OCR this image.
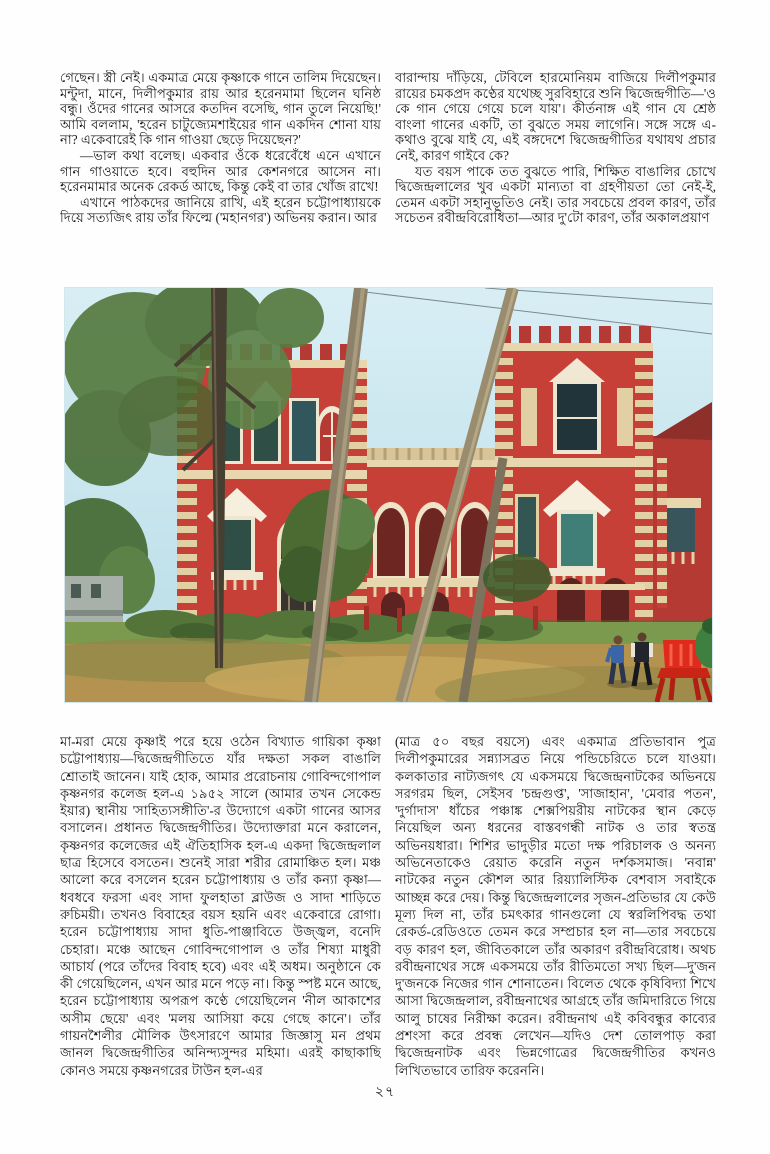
গেছেন। স্ত্রী নেই। একমাত্র মেয়ে কৃষ্ণাকে গানে তালিম দিয়েছেন। মন্টুদা, মানে, দিলীপকুমার রায় আর হরেনমামা ছিলেন ঘনিষ্ঠ বন্ধু। ওঁদের গানের আসরে কতদিন বসেছি, গান তুলে নিয়েছি!' আমি বললাম, 'হরেন চাটুজ্যেমশাইয়ের গান একদিন শোনা যায় না? একেবারেই কি গান গাওয়া ছেড়ে দিয়েছেন?'

—ভাল কথা বলেছ। একবার ওঁকে ধরেবেঁধে এনে এখানে গান গাওয়াতে হবে। বহুদিন আর কেশনগরে আসেন না। হরেনমামার অনেক রেকর্ড আছে, কিন্তু কেই বা তার খোঁজ রাখে!

এখানে পাঠকদের জানিয়ে রাখি, এই হরেন চট্টোপাধ্যায়কে দিয়ে সত্যজিৎ রায় তাঁর ফিল্মে ('মহানগর') অভিনয় করান। আর

বারান্দায় দাঁড়িয়ে, টেবিলে হারমোনিয়ম বাজিয়ে দিলীপকুমার রায়ের চমকপ্রদ কণ্ঠের যথেচ্ছ সুরবিহারে শুনি দ্বিজেন্দ্রগীতি—'ও কে গান গেয়ে গেয়ে চলে যায়'। কীর্তনাঙ্গ এই গান যে শ্রেষ্ঠ বাংলা গানের একটি, তা বুঝতে সময় লাগেনি। সঙ্গে সঙ্গে এ-কথাও বুঝে যাই যে, এই বঙ্গদেশে দ্বিজেন্দ্রগীতির যথাযথ প্রচার নেই, কারণ গাইবে কে?

যত বয়স পাকে তত বুঝতে পারি, শিক্ষিত বাঙালির চোখে দ্বিজেন্দ্রলালের খুব একটা মান্যতা বা গ্রহণীয়তা তো নেই-ই, তেমন একটা সহানুভূতিও নেই। তার সবচেয়ে প্রবল কারণ, তাঁর সচেতন রবীন্দ্রবিরোধিতা—আর দু'টো কারণ, তাঁর অকালপ্রয়াণ

মা-মরা মেয়ে কৃষ্ণাই পরে হয়ে ওঠেন বিখ্যাত গায়িকা কৃষ্ণা চট্টোপাধ্যায়—দ্বিজেন্দ্রগীতিতে যাঁর দক্ষতা সকল বাঙালি শ্রোতাই জানেন। যাই হোক, আমার প্ররোচনায় গোবিন্দগোপাল কৃষ্ণনগর কলেজ হল-এ ১৯৫২ সালে (আমার তখন সেকেন্ড ইয়ার) স্থানীয় 'সাহিত্যসঙ্গীতি'-র উদ্যোগে একটা গানের আসর বসালেন। প্রধানত দ্বিজেন্দ্রগীতির। উদ্যোক্তারা মনে করালেন, কৃষ্ণনগর কলেজের এই ঐতিহাসিক হল-এ একদা দ্বিজেন্দ্রলাল ছাত্র হিসেবে বসতেন। শুনেই সারা শরীর রোমাঞ্চিত হল। মঞ্চ আলো করে বসলেন হরেন চট্টোপাধ্যায় ও তাঁর কন্যা কৃষ্ণা—ধবধবে ফরসা এবং সাদা ফুলহাতা ব্লাউজ ও সাদা শাড়িতে রুচিময়ী। তখনও বিবাহের বয়স হয়নি এবং একেবারে রোগা। হরেন চট্টোপাধ্যায় সাদা ধুতি-পাঞ্জাবিতে উজ্জ্বল, বনেদি চেহারা। মঞ্চে আছেন গোবিন্দগোপাল ও তাঁর শিষ্যা মাধুরী আচার্য (পরে তাঁদের বিবাহ হবে) এবং এই অধম। অনুষ্ঠানে কে কী গেয়েছিলেন, এখন আর মনে পড়ে না। কিন্তু স্পষ্ট মনে আছে, হরেন চট্টোপাধ্যায় অপরূপ কণ্ঠে গেয়েছিলেন 'নীল আকাশের অসীম ছেয়ে' এবং 'মলয় আসিয়া কয়ে গেছে কানে'। তাঁর গায়নশৈলীর মৌলিক উৎসারণে আমার জিজ্ঞাসু মন প্রথম জানল দ্বিজেন্দ্রগীতির অনিন্দ্যসুন্দর মহিমা। এরই কাছাকাছি কোনও সময়ে কৃষ্ণনগরের টাউন হল-এর

(মাত্র ৫০ বছর বয়সে) এবং একমাত্র প্রতিভাবান পুত্র দিলীপকুমারের সন্ন্যাসব্রত নিয়ে পন্ডিচেরিতে চলে যাওয়া। কলকাতার নাট্যজগৎ যে একসময়ে দ্বিজেন্দ্রনাটকের অভিনয়ে সরগরম ছিল, সেইসব 'চন্দ্রগুপ্ত', 'সাজাহান', 'মেবার পতন', 'দুর্গাদাস' ধাঁচের পঞ্চাঙ্ক শেক্সপিয়রীয় নাটকের স্থান কেড়ে নিয়েছিল অন্য ধরনের বাস্তবগন্ধী নাটক ও তার স্বতন্ত্র অভিনয়ধারা। শিশির ভাদুড়ীর মতো দক্ষ পরিচালক ও অনন্য অভিনেতাকেও রেয়াত করেনি নতুন দর্শকসমাজ। 'নবান্ন' নাটকের নতুন কৌশল আর রিয়্যালিস্টিক বেশবাস সবাইকে আচ্ছন্ন করে দেয়। কিন্তু দ্বিজেন্দ্রলালের সৃজন-প্রতিভার যে কেউ মূল্য দিল না, তাঁর চমৎকার গানগুলো যে স্বরলিপিবদ্ধ তথা রেকর্ড-রেডিওতে তেমন করে সম্প্রচার হল না—তার সবচেয়ে বড় কারণ হল, জীবিতকালে তাঁর অকারণ রবীন্দ্রবিরোধ। অথচ রবীন্দ্রনাথের সঙ্গে একসময়ে তাঁর রীতিমতো সখ্য ছিল—দু'জন দু'জনকে নিজের গান শোনাতেন। বিলেত থেকে কৃষিবিদ্যা শিখে আসা দ্বিজেন্দ্রলাল, রবীন্দ্রনাথের আগ্রহে তাঁর জমিদারিতে গিয়ে আলু চাষের নিরীক্ষা করেন। রবীন্দ্রনাথ এই কবিবন্ধুর কাব্যের প্রশংসা করে প্রবন্ধ লেখেন—যদিও দেশ তোলপাড় করা দ্বিজেন্দ্রনাটক এবং ভিন্নগোত্রের দ্বিজেন্দ্রগীতির কখনও লিখিতভাবে তারিফ করেননি।

২৭
